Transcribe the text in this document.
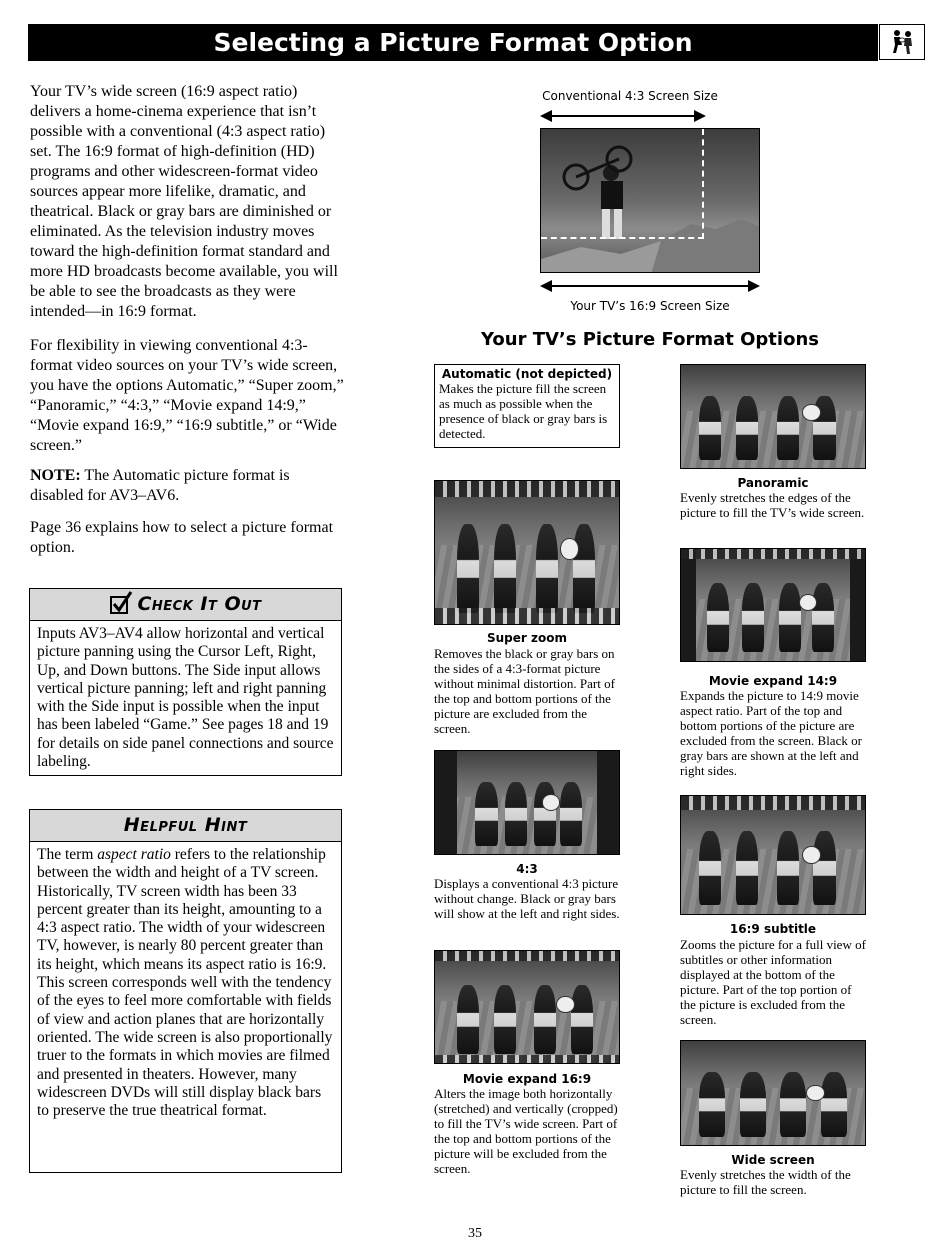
Selecting a Picture Format Option

Your TV’s wide screen (16:9 aspect ratio) delivers a home-cinema experience that isn’t possible with a conventional (4:3 aspect ratio) set. The 16:9 format of high-definition (HD) programs and other widescreen-format video sources appear more lifelike, dramatic, and theatrical. Black or gray bars are diminished or eliminated. As the television industry moves toward the high-definition format standard and more HD broadcasts become available, you will be able to see the broadcasts as they were intended—in 16:9 format.

For flexibility in viewing conventional 4:3-format video sources on your TV’s wide screen, you have the options Automatic,” “Super zoom,” “Panoramic,” “4:3,” “Movie expand 14:9,” “Movie expand 16:9,” “16:9 subtitle,” or “Wide screen.”

NOTE: The Automatic picture format is disabled for AV3–AV6.

Page 36 explains how to select a picture format option.

Check It Out
Inputs AV3–AV4 allow horizontal and vertical picture panning using the Cursor Left, Right, Up, and Down buttons. The Side input allows vertical picture panning; left and right panning with the Side input is possible when the input has been labeled “Game.” See pages 18 and 19 for details on side panel connections and source labeling.
Helpful Hint
The term aspect ratio refers to the relationship between the width and height of a TV screen. Historically, TV screen width has been 33 percent greater than its height, amounting to a 4:3 aspect ratio. The width of your widescreen TV, however, is nearly 80 percent greater than its height, which means its aspect ratio is 16:9. This screen corresponds well with the tendency of the eyes to feel more comfortable with fields of view and action planes that are horizontally oriented. The wide screen is also proportionally truer to the formats in which movies are filmed and presented in theaters. However, many widescreen DVDs will still display black bars to preserve the true theatrical format.
Conventional 4:3 Screen Size
Your TV’s 16:9 Screen Size
Your TV’s Picture Format Options
Automatic (not depicted)

Makes the picture fill the screen as much as possible when the presence of black or gray bars is detected.

Panoramic

Evenly stretches the edges of the picture to fill the TV’s wide screen.

Super zoom

Removes the black or gray bars on the sides of a 4:3-format picture without minimal distortion. Part of the top and bottom portions of the picture are excluded from the screen.

Movie expand 14:9

Expands the picture to 14:9 movie aspect ratio. Part of the top and bottom portions of the picture are excluded from the screen. Black or gray bars are shown at the left and right sides.

4:3

Displays a conventional 4:3 picture without change. Black or gray bars will show at the left and right sides.

16:9 subtitle

Zooms the picture for a full view of subtitles or other information displayed at the bottom of the picture. Part of the top portion of the picture is excluded from the screen.

Movie expand 16:9

Alters the image both horizontally (stretched) and vertically (cropped) to fill the TV’s wide screen. Part of the top and bottom portions of the picture will be excluded from the screen.

Wide screen

Evenly stretches the width of the picture to fill the screen.

35
